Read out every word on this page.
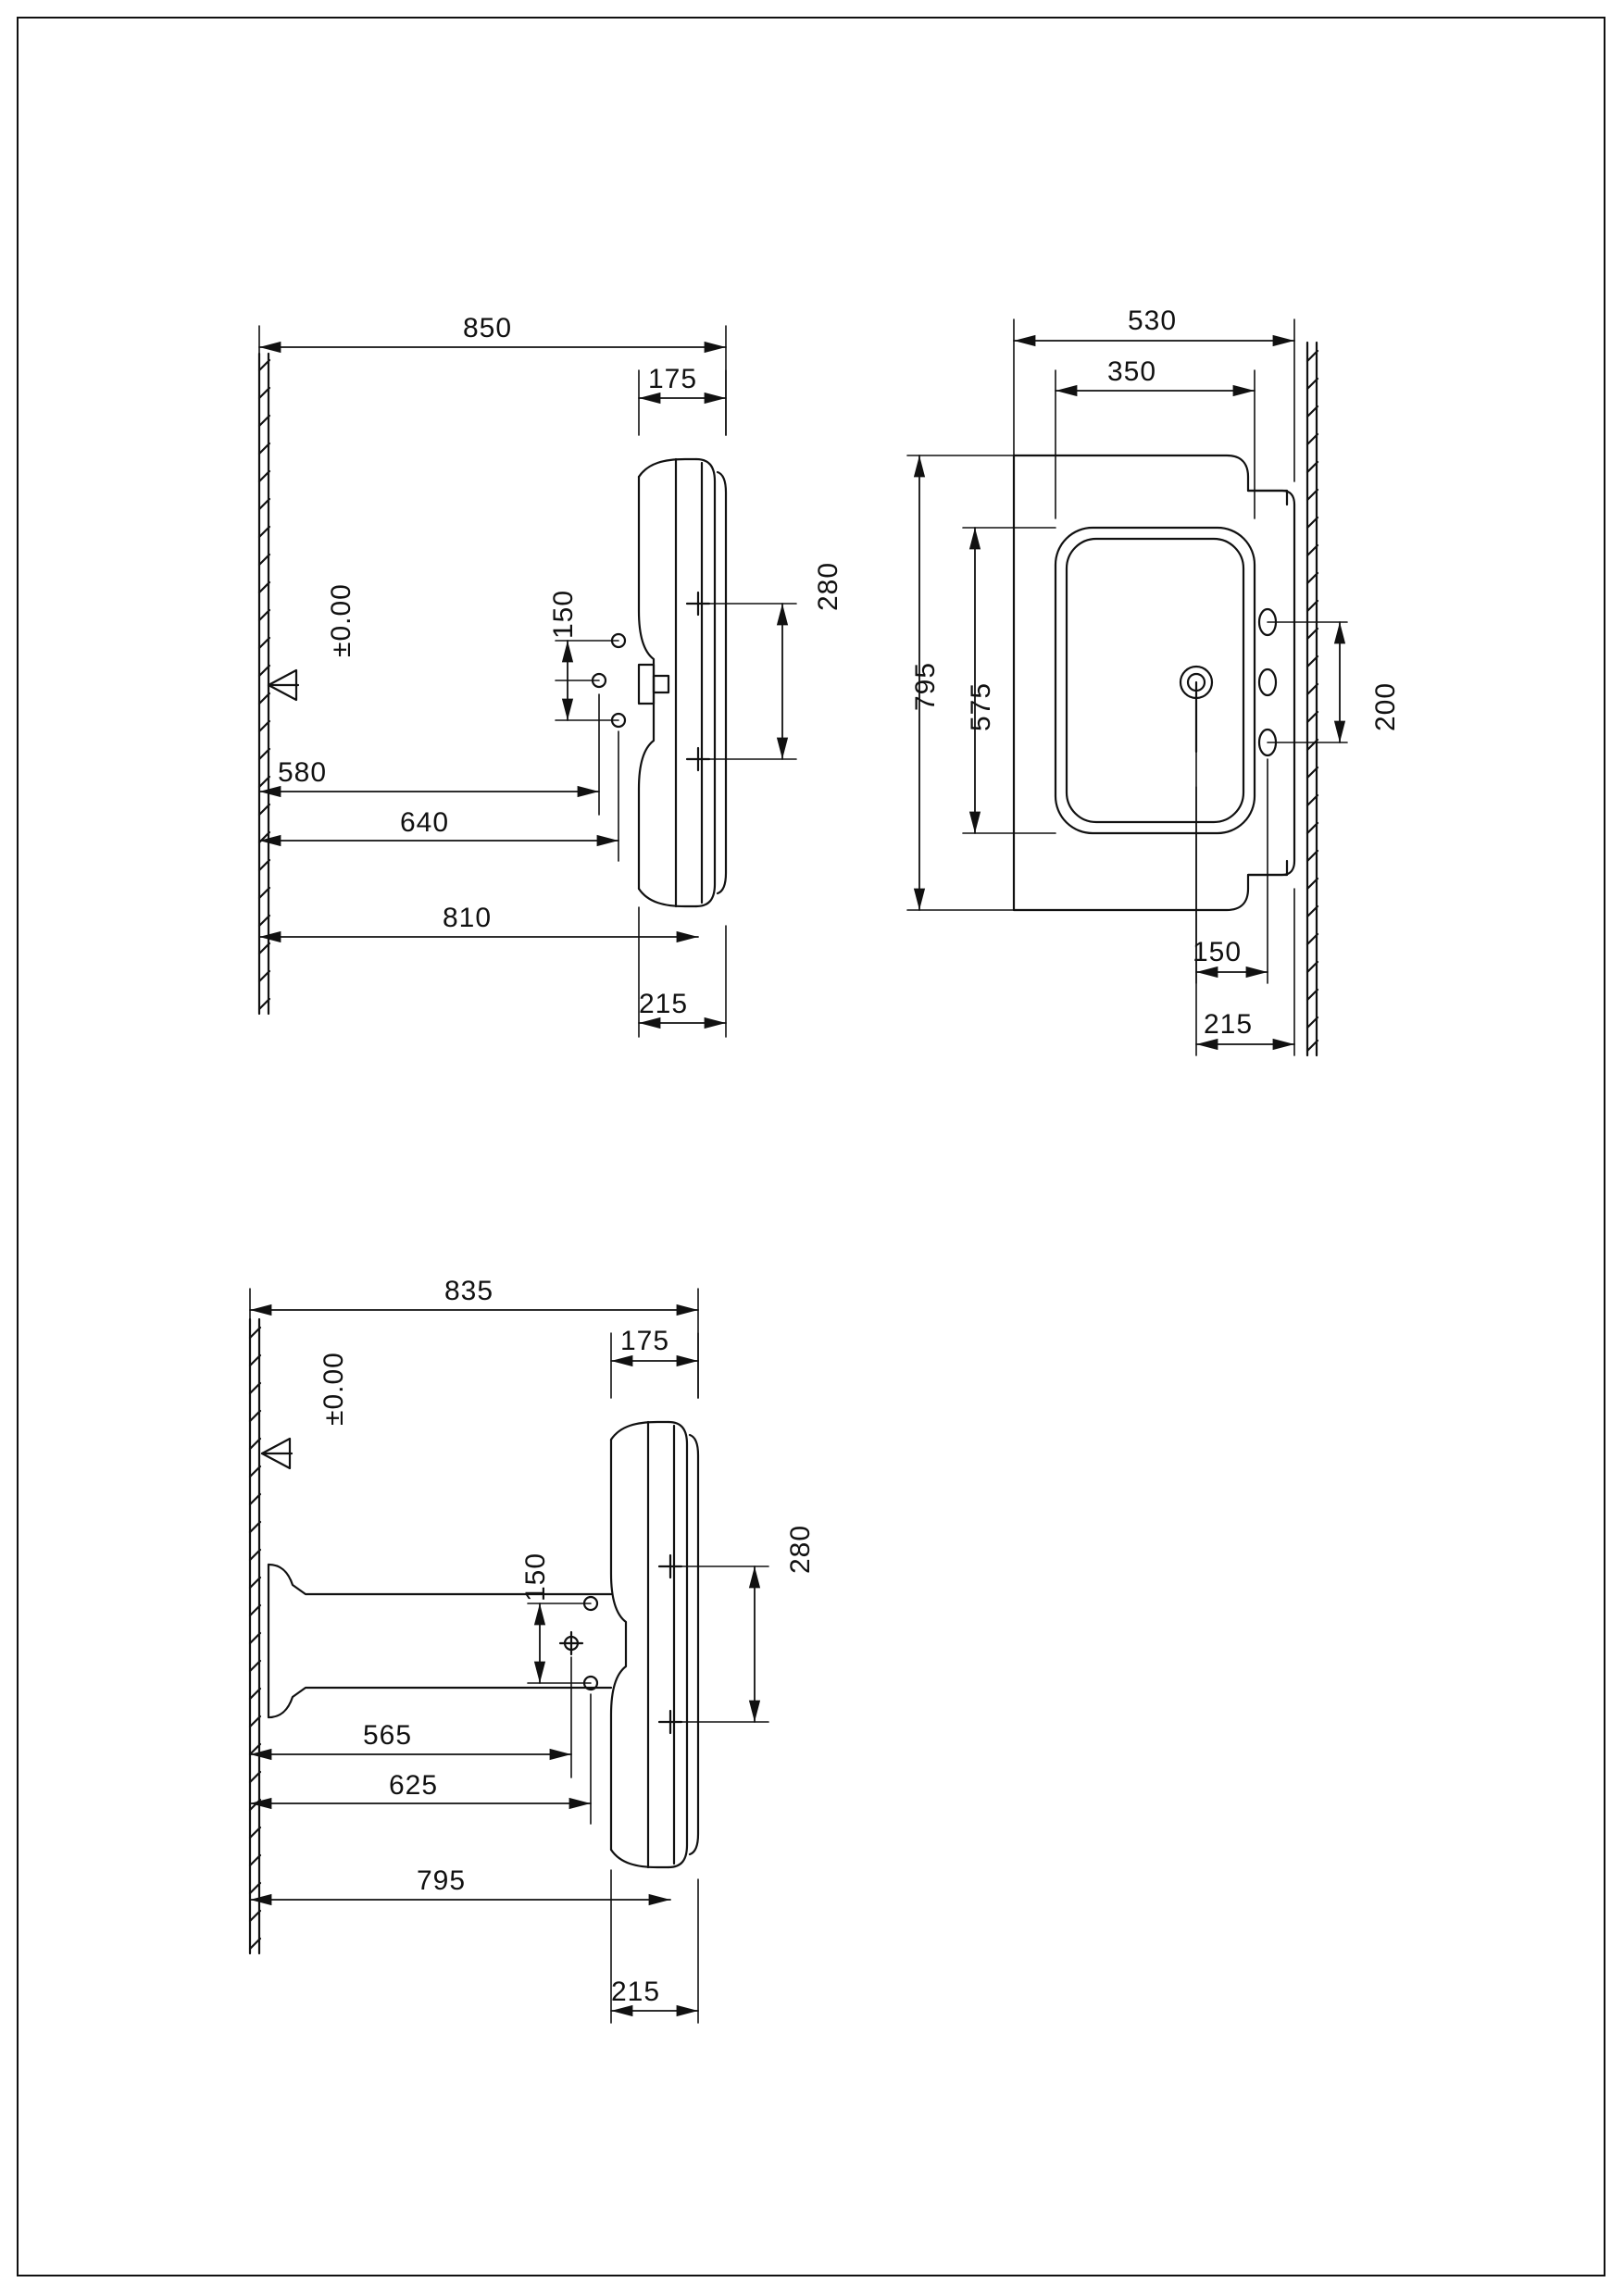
850
175
150
280
580
640
810
215
±0.00
530
350
795 575	200
150
215
835
175
150
280
565
625
795
215
±0.00
